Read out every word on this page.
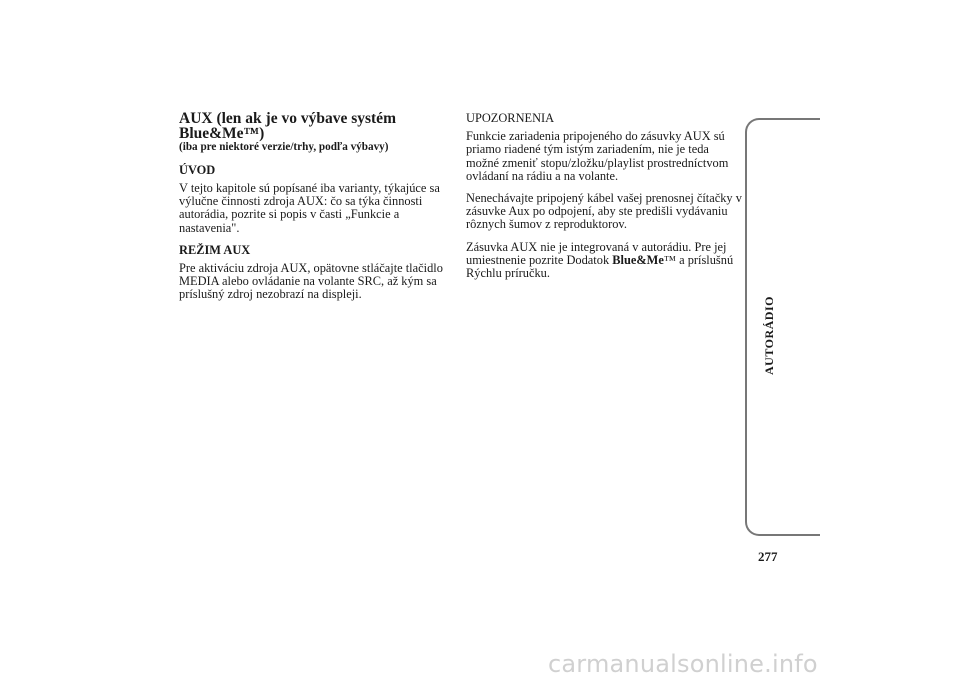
AUX (len ak je vo výbave systém Blue&Me™)
(iba pre niektoré verzie/trhy, podľa výbavy)
ÚVOD

V tejto kapitole sú popísané iba varianty, týkajúce sa výlučne činnosti zdroja AUX: čo sa týka činnosti autorádia, pozrite si popis v časti „Funkcie a nastavenia".

REŽIM AUX

Pre aktiváciu zdroja AUX, opätovne stláčajte tlačidlo MEDIA alebo ovládanie na volante SRC, až kým sa príslušný zdroj nezobrazí na displeji.

UPOZORNENIA

Funkcie zariadenia pripojeného do zásuvky AUX sú priamo riadené tým istým zariadením, nie je teda možné zmeniť stopu/zložku/playlist prostredníctvom ovládaní na rádiu a na volante.

Nenechávajte pripojený kábel vašej prenosnej čítačky v zásuvke Aux po odpojení, aby ste predišli vydávaniu rôznych šumov z reproduktorov.

Zásuvka AUX nie je integrovaná v autorádiu. Pre jej umiestnenie pozrite Dodatok Blue&Me™ a príslušnú Rýchlu príručku.

AUTORÁDIO
277
carmanualsonline.info
